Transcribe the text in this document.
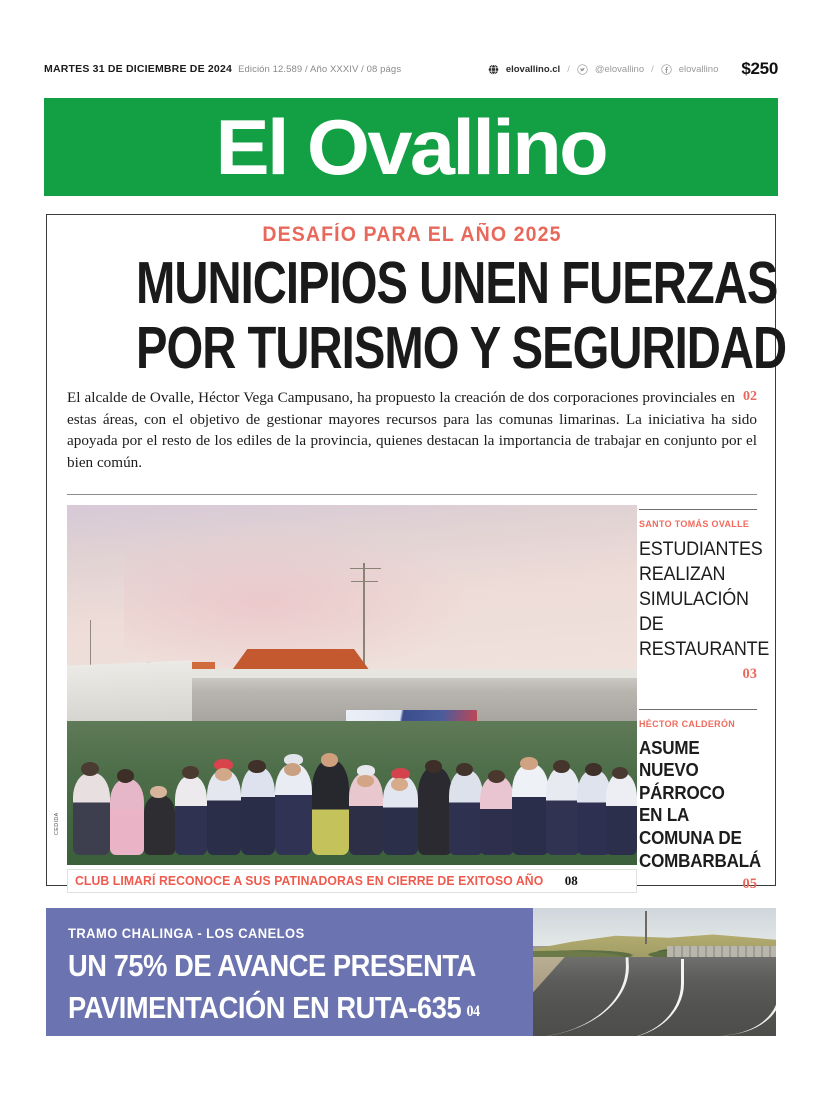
MARTES 31 DE DICIEMBRE DE 2024 Edición 12.589 / Año XXXIV / 08 págs	elovallino.cl /	@elovallino /	elovallino $250
El Ovallino
DESAFÍO PARA EL AÑO 2025
MUNICIPIOS UNEN FUERZAS
POR TURISMO Y SEGURIDAD
02
El alcalde de Ovalle, Héctor Vega Campusano, ha propuesto la creación de dos corporaciones provinciales en estas áreas, con el objetivo de gestionar mayores recursos para las comunas limarinas. La iniciativa ha sido apoyada por el resto de los ediles de la provincia, quienes destacan la importancia de trabajar en conjunto por el bien común.
CEDIDA
CLUB LIMARÍ RECONOCE A SUS PATINADORAS EN CIERRE DE EXITOSO AÑO 08
SANTO TOMÁS OVALLE
ESTUDIANTES REALIZAN SIMULACIÓN DE RESTAURANTE
03
HÉCTOR CALDERÓN
ASUME NUEVO PÁRROCO EN LA COMUNA DE COMBARBALÁ
05
TRAMO CHALINGA - LOS CANELOS
UN 75% DE AVANCE PRESENTA
PAVIMENTACIÓN EN RUTA-635 04
